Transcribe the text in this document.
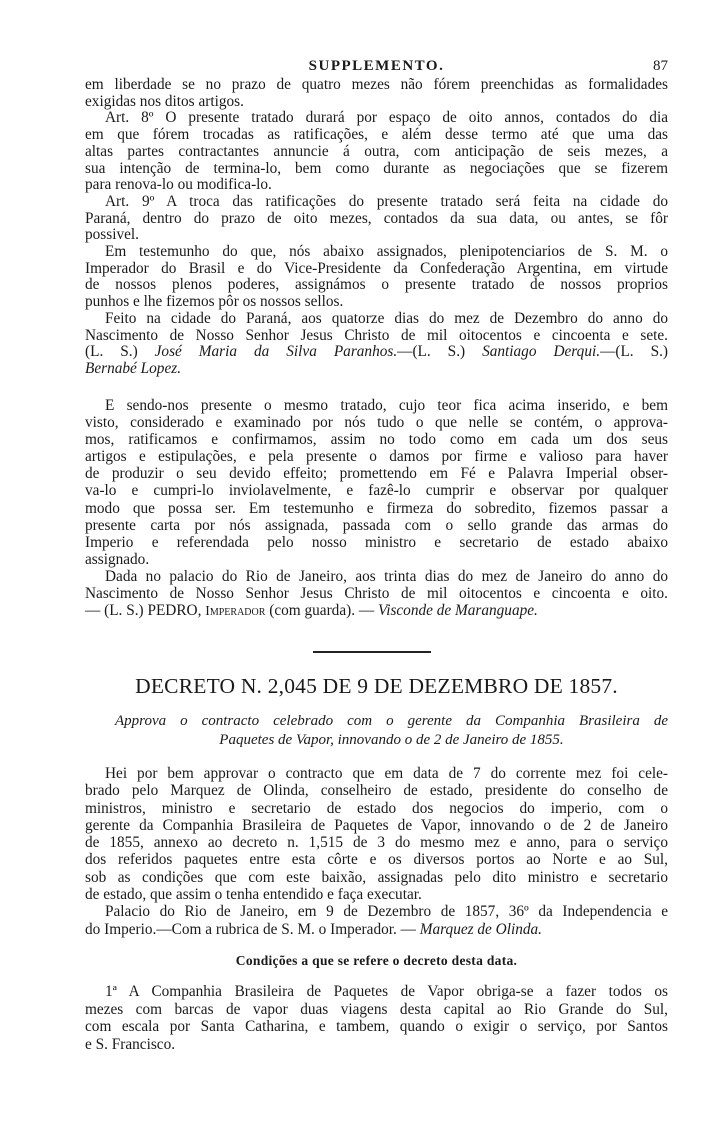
SUPPLEMENTO.	87
em liberdade se no prazo de quatro mezes não fórem preenchidas as formalidades
exigidas nos ditos artigos.
Art. 8º O presente tratado durará por espaço de oito annos, contados do dia
em que fórem trocadas as ratificações, e além desse termo até que uma das
altas partes contractantes annuncie á outra, com anticipação de seis mezes, a
sua intenção de termina-lo, bem como durante as negociações que se fizerem
para renova-lo ou modifica-lo.
Art. 9º A troca das ratificações do presente tratado será feita na cidade do
Paraná, dentro do prazo de oito mezes, contados da sua data, ou antes, se fôr
possivel.
Em testemunho do que, nós abaixo assignados, plenipotenciarios de S. M. o
Imperador do Brasil e do Vice-Presidente da Confederação Argentina, em virtude
de nossos plenos poderes, assignámos o presente tratado de nossos proprios
punhos e lhe fizemos pôr os nossos sellos.
Feito na cidade do Paraná, aos quatorze dias do mez de Dezembro do anno do
Nascimento de Nosso Senhor Jesus Christo de mil oitocentos e cincoenta e sete.
(L. S.) José Maria da Silva Paranhos.—(L. S.) Santiago Derqui.—(L. S.)
Bernabé Lopez.
E sendo-nos presente o mesmo tratado, cujo teor fica acima inserido, e bem
visto, considerado e examinado por nós tudo o que nelle se contém, o approva-
mos, ratificamos e confirmamos, assim no todo como em cada um dos seus
artigos e estipulações, e pela presente o damos por firme e valioso para haver
de produzir o seu devido effeito; promettendo em Fé e Palavra Imperial obser-
va-lo e cumpri-lo inviolavelmente, e fazê-lo cumprir e observar por qualquer
modo que possa ser. Em testemunho e firmeza do sobredito, fizemos passar a
presente carta por nós assignada, passada com o sello grande das armas do
Imperio e referendada pelo nosso ministro e secretario de estado abaixo
assignado.
Dada no palacio do Rio de Janeiro, aos trinta dias do mez de Janeiro do anno do
Nascimento de Nosso Senhor Jesus Christo de mil oitocentos e cincoenta e oito.
— (L. S.) PEDRO, Imperador (com guarda). — Visconde de Maranguape.
DECRETO N. 2,045 DE 9 DE DEZEMBRO DE 1857.
Approva o contracto celebrado com o gerente da Companhia Brasileira de
Paquetes de Vapor, innovando o de 2 de Janeiro de 1855.
Hei por bem approvar o contracto que em data de 7 do corrente mez foi cele-
brado pelo Marquez de Olinda, conselheiro de estado, presidente do conselho de
ministros, ministro e secretario de estado dos negocios do imperio, com o
gerente da Companhia Brasileira de Paquetes de Vapor, innovando o de 2 de Janeiro
de 1855, annexo ao decreto n. 1,515 de 3 do mesmo mez e anno, para o serviço
dos referidos paquetes entre esta côrte e os diversos portos ao Norte e ao Sul,
sob as condições que com este baixão, assignadas pelo dito ministro e secretario
de estado, que assim o tenha entendido e faça executar.
Palacio do Rio de Janeiro, em 9 de Dezembro de 1857, 36º da Independencia e
do Imperio.—Com a rubrica de S. M. o Imperador. — Marquez de Olinda.
Condições a que se refere o decreto desta data.
1ª A Companhia Brasileira de Paquetes de Vapor obriga-se a fazer todos os
mezes com barcas de vapor duas viagens desta capital ao Rio Grande do Sul,
com escala por Santa Catharina, e tambem, quando o exigir o serviço, por Santos
e S. Francisco.
